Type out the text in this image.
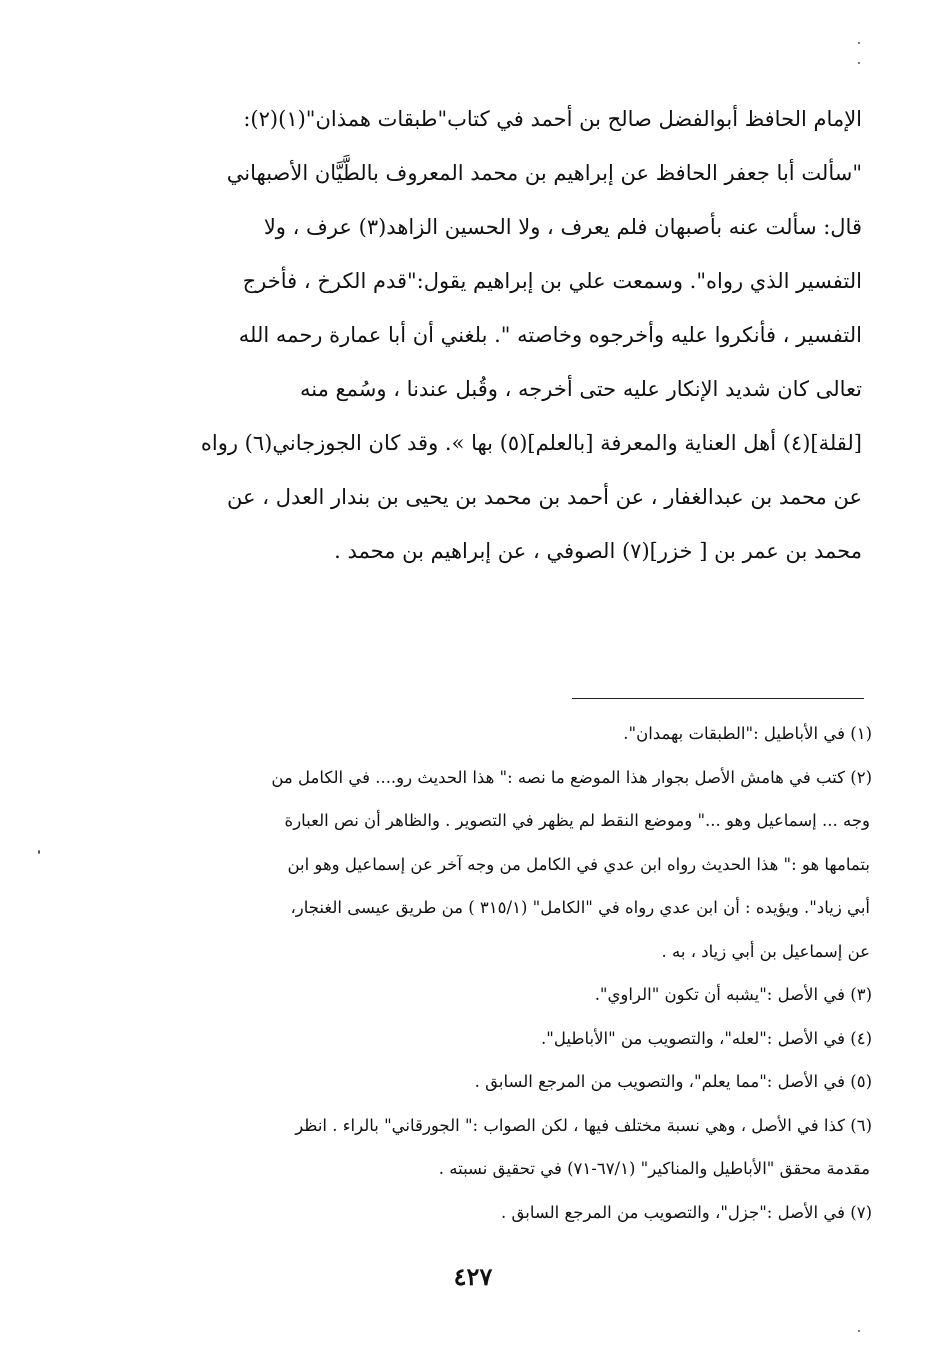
الإمام الحافظ أبوالفضل صالح بن أحمد في كتاب"طبقات همذان"(١)(٢):
"سألت أبا جعفر الحافظ عن إبراهيم بن محمد المعروف بالطَّيَّان الأصبهاني
قال: سألت عنه بأصبهان فلم يعرف ، ولا الحسين الزاهد(٣) عرف ، ولا
التفسير الذي رواه". وسمعت علي بن إبراهيم يقول:"قدم الكرخ ، فأخرج
التفسير ، فأنكروا عليه وأخرجوه وخاصته ". بلغني أن أبا عمارة رحمه الله
تعالى كان شديد الإنكار عليه حتى أخرجه ، وقُبل عندنا ، وسُمع منه
[لقلة](٤) أهل العناية والمعرفة [بالعلم](٥) بها ». وقد كان الجوزجاني(٦) رواه
عن محمد بن عبدالغفار ، عن أحمد بن محمد بن يحيى بن بندار العدل ، عن
محمد بن عمر بن [ خزر](٧) الصوفي ، عن إبراهيم بن محمد .
(١) في الأباطيل :"الطبقات بهمدان".
(٢) كتب في هامش الأصل بجوار هذا الموضع ما نصه :" هذا الحديث رو.... في الكامل من
وجه ... إسماعيل وهو ..." وموضع النقط لم يظهر في التصوير . والظاهر أن نص العبارة
بتمامها هو :" هذا الحديث رواه ابن عدي في الكامل من وجه آخر عن إسماعيل وهو ابن
أبي زياد". ويؤيده : أن ابن عدي رواه في "الكامل" (٣١٥/١ ) من طريق عيسى الغنجار،
عن إسماعيل بن أبي زياد ، به .
(٣) في الأصل :"يشبه أن تكون "الراوي".
(٤) في الأصل :"لعله"، والتصويب من "الأباطيل".
(٥) في الأصل :"مما يعلم"، والتصويب من المرجع السابق .
(٦) كذا في الأصل ، وهي نسبة مختلف فيها ، لكن الصواب :" الجورقاني" بالراء . انظر
مقدمة محقق "الأباطيل والمناكير" (٦٧/١-٧١) في تحقيق نسبته .
(٧) في الأصل :"جزل"، والتصويب من المرجع السابق .
٤٢٧
